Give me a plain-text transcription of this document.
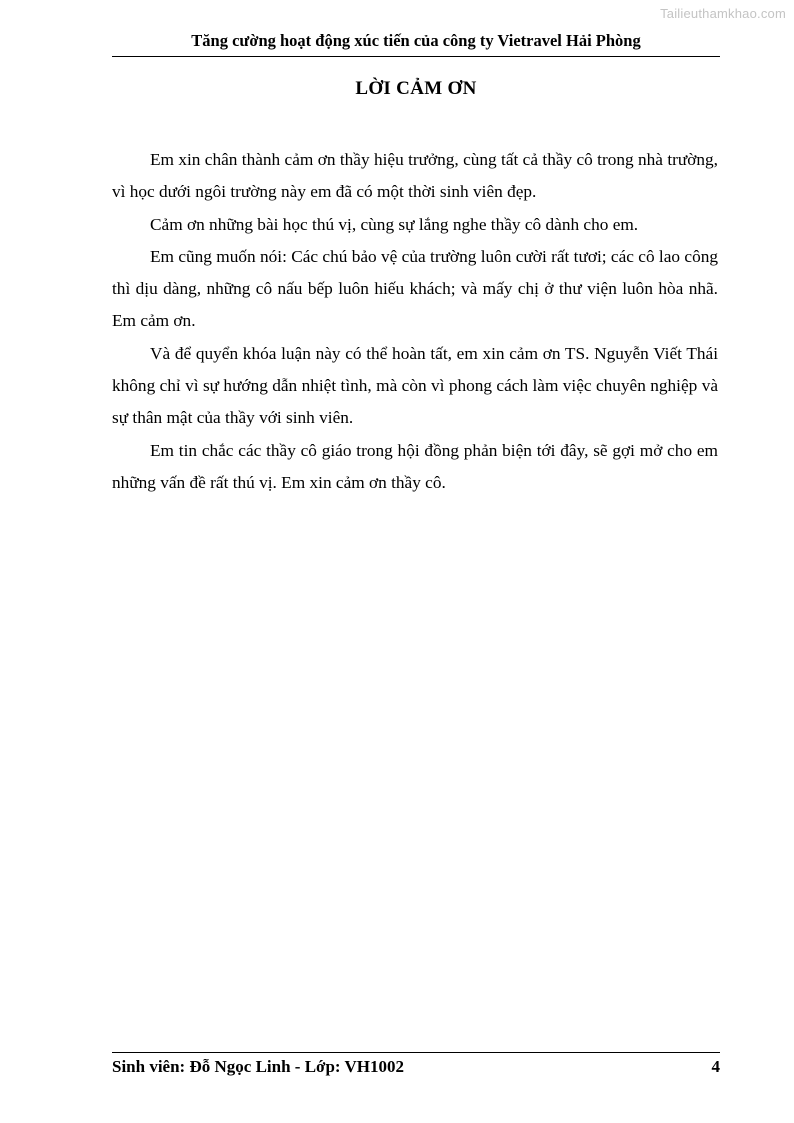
Tailieuthamkhao.com
Tăng cường hoạt động xúc tiến của công ty Vietravel Hải Phòng
LỜI CẢM ƠN

Em xin chân thành cảm ơn thầy hiệu trưởng, cùng tất cả thầy cô trong nhà trường, vì học dưới ngôi trường này em đã có một thời sinh viên đẹp.

Cảm ơn những bài học thú vị, cùng sự lắng nghe thầy cô dành cho em.

Em cũng muốn nói: Các chú bảo vệ của trường luôn cười rất tươi; các cô lao công thì dịu dàng, những cô nấu bếp luôn hiếu khách; và mấy chị ở thư viện luôn hòa nhã. Em cảm ơn.

Và để quyển khóa luận này có thể hoàn tất, em xin cảm ơn TS. Nguyễn Viết Thái không chỉ vì sự hướng dẫn nhiệt tình, mà còn vì phong cách làm việc chuyên nghiệp và sự thân mật của thầy với sinh viên.

Em tin chắc các thầy cô giáo trong hội đồng phản biện tới đây, sẽ gợi mở cho em những vấn đề rất thú vị. Em xin cảm ơn thầy cô.

Sinh viên: Đỗ Ngọc Linh - Lớp: VH1002	4
